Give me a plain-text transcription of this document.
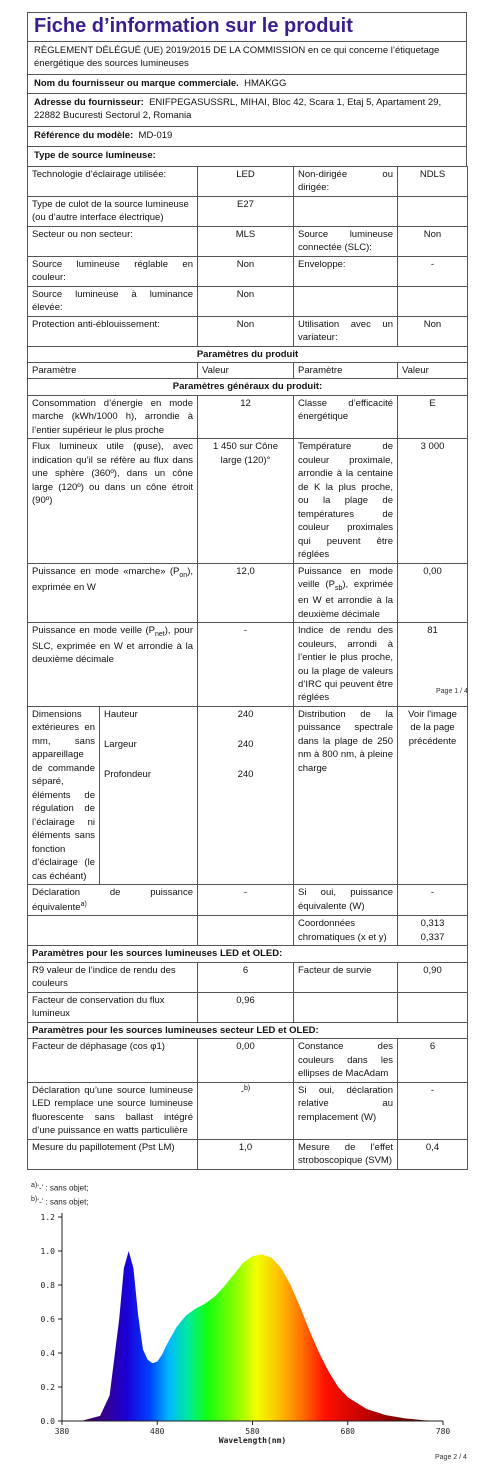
Fiche d’information sur le produit
RÈGLEMENT DÉLÉGUÉ (UE) 2019/2015 DE LA COMMISSION en ce qui concerne l’étiquetage énergétique des sources lumineuses
Nom du fournisseur ou marque commerciale. HMAKGG
Adresse du fournisseur: ENIFPEGASUSSRL, MIHAI, Bloc 42, Scara 1, Etaj 5, Apartament 29, 22882 Bucuresti Sectorul 2, Romania
Référence du modèle: MD-019
Type de source lumineuse:
Technologie d’éclairage utilisée:		LED	Non-dirigée ou dirigée:	NDLS

Type de culot de la source lumineuse
(ou d’autre interface électrique)		E27		
Secteur ou non secteur:		MLS	Source lumineuse connectée (SLC):	Non
Source lumineuse réglable en couleur:		Non	Enveloppe:	-
Source lumineuse à luminance élevée:		Non		
Protection anti-éblouissement:		Non	Utilisation avec un variateur:	Non
Paramètres du produit				
Paramètre		Valeur	Paramètre	Valeur
Paramètres généraux du produit:				
Consommation d’énergie en mode marche (kWh/1000 h), arrondie à l’entier supérieur le plus proche		12	Classe d’efficacité énergétique	E
Flux lumineux utile (φuse), avec indication qu’il se réfère au flux dans une sphère (360º), dans un cône large (120º) ou dans un cône étroit (90º)		1 450 sur Cône large (120)°	Température de couleur proximale, arrondie à la centaine de K la plus proche, ou la plage de températures de couleur proximales qui peuvent être réglées	3 000
Puissance en mode «marche» $(P_{on})$, exprimée en W		12,0	Puissance en mode veille $(P_{sb})$, exprimée en W et arrondie à la deuxième décimale	0,00
Puissance en mode veille $(P_{net})$, pour SLC, exprimée en W et arrondie à la deuxième décimale		-	Indice de rendu des couleurs, arrondi à l’entier le plus proche, ou la plage de valeurs d’IRC qui peuvent être réglées	81
Dimensions extérieures en mm, sans appareillage de commande séparé, éléments de régulation de l’éclairage ni éléments sans fonction d’éclairage (le cas échéant)	Hauteur	240	Distribution de la puissance spectrale dans la plage de 250 nm à 800 nm, à pleine charge	Voir l'image de la page précédente
	Largeur	240		
	Profondeur	240		
Déclaration de puissance équivalente$^{a)}$		-	Si oui, puissance équivalente (W)	-
			Coordonnées chromatiques (x et y)	0,313
0,337

Paramètres pour les sources lumineuses LED et OLED:				
R9 valeur de l’indice de rendu des couleurs		6	Facteur de survie	0,90
Facteur de conservation du flux lumineux		0,96		
Paramètres pour les sources lumineuses secteur LED et OLED:				
Facteur de déphasage (cos φ1)		0,00	Constance des couleurs dans les ellipses de MacAdam	6
Déclaration qu’une source lumineuse LED remplace une source lumineuse fluorescente sans ballast intégré d’une puissance en watts particulière		-$^{b)}$	Si oui, déclaration relative au remplacement (W)	-
Mesure du papillotement (Pst LM)		1,0	Mesure de l’effet stroboscopique (SVM)	0,4
Page 1 / 4
$^{a)}$‘-’ : sans objet;
$^{b)}$‘-’ : sans objet;
0.0
0.2
0.4
0.6
0.8
1.0
1.2
380	480	580	680	780
Wavelength(nm)
Page 2 / 4
